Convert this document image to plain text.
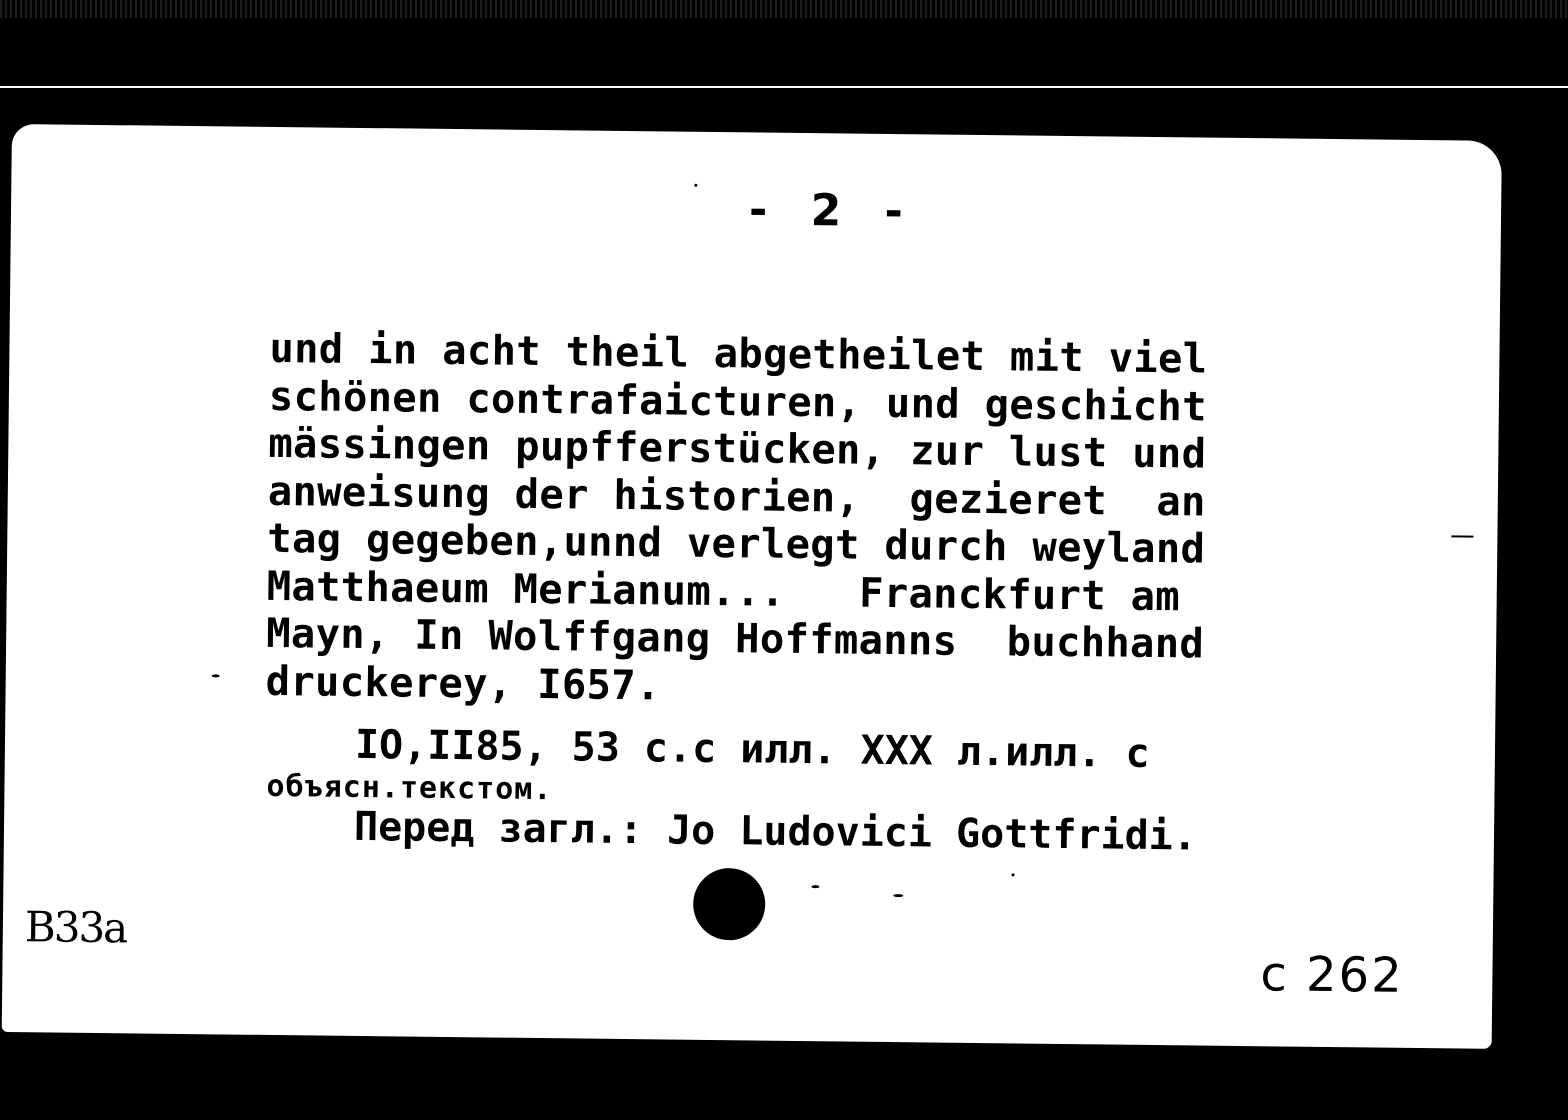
- 2 -
und in acht theil abgetheilet mit viel
schönen contrafaicturen, und geschicht
mässingen pupfferstücken, zur lust und
anweisung der historien,  gezieret  an
tag gegeben,unnd verlegt durch weyland
Matthaeum Merianum...   Franckfurt am
Mayn, In Wolffgang Hoffmanns  buchhand
druckerey, I657.
IO,II85, 53 с.с илл. XXX л.илл. с
объясн.текстом.
Перед загл.: Jo Ludovici Gottfridi.
B33a
c 262
